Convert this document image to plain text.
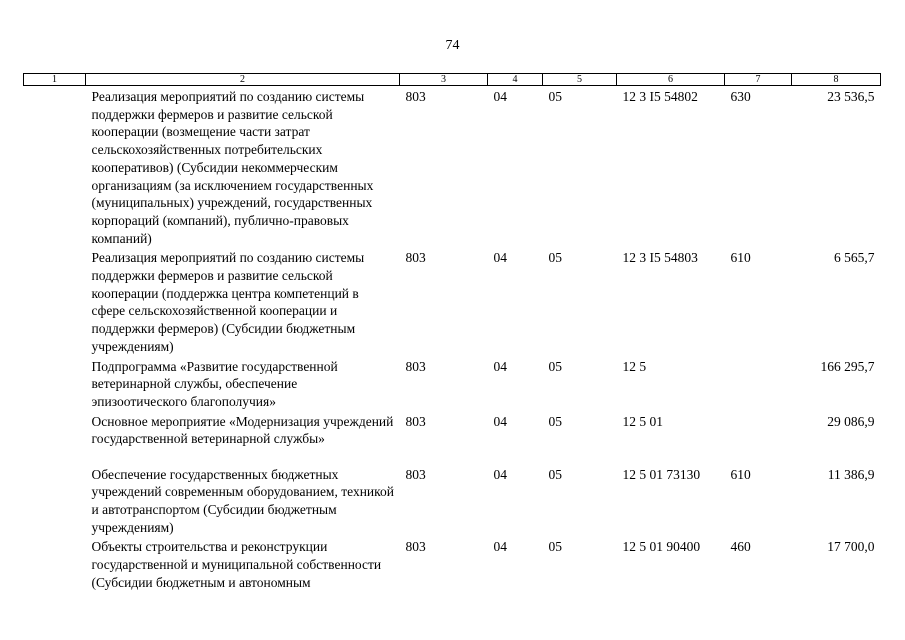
74
1	2	3	4	5	6	7	8
	Реализация мероприятий по созданию системы поддержки фермеров и развитие сельской кооперации (возмещение части затрат сельскохозяйственных потребительских кооперативов) (Субсидии некоммерческим организациям (за исключением государственных (муниципальных) учреждений, государственных корпораций (компаний), публично-правовых компаний)	803	04	05	12 3 I5 54802	630	23 536,5
	Реализация мероприятий по созданию системы поддержки фермеров и развитие сельской кооперации (поддержка центра компетенций в сфере сельскохозяйственной кооперации и поддержки фермеров) (Субсидии бюджетным учреждениям)	803	04	05	12 3 I5 54803	610	6 565,7
	Подпрограмма «Развитие государственной ветеринарной службы, обеспечение эпизоотического благополучия»	803	04	05	12 5		166 295,7
	Основное мероприятие «Модернизация учреждений государственной ветеринарной службы»	803	04	05	12 5 01		29 086,9
	Обеспечение государственных бюджетных учреждений современным оборудованием, техникой и автотранспортом (Субсидии бюджетным учреждениям)	803	04	05	12 5 01 73130	610	11 386,9
	Объекты строительства и реконструкции государственной и муниципальной собственности (Субсидии бюджетным и автономным	803	04	05	12 5 01 90400	460	17 700,0
